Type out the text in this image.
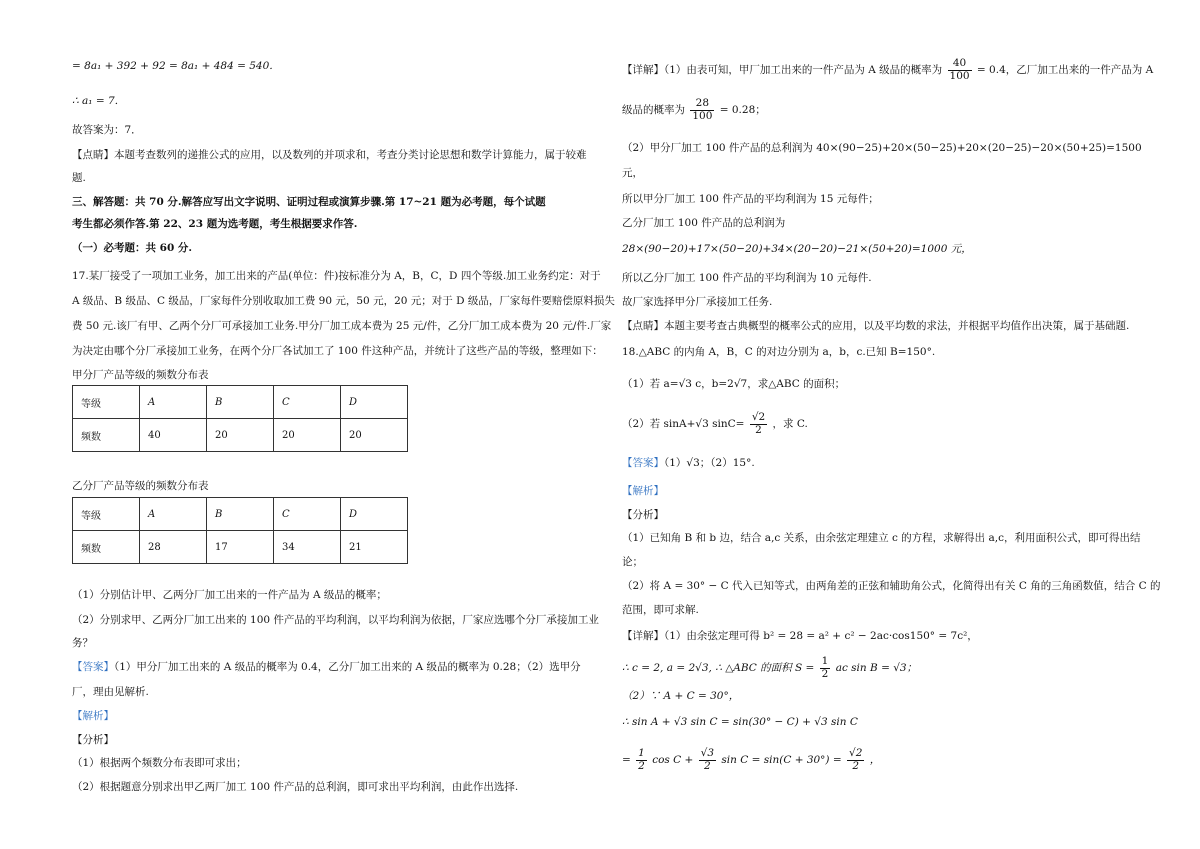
= 8a₁ + 392 + 92 = 8a₁ + 484 = 540．
∴ a₁ = 7．
故答案为：7．
【点睛】本题考查数列的递推公式的应用，以及数列的并项求和，考查分类讨论思想和数学计算能力，属于较难
题.
三、解答题：共 70 分.解答应写出文字说明、证明过程或演算步骤.第 17~21 题为必考题，每个试题
考生都必须作答.第 22、23 题为选考题，考生根据要求作答.
（一）必考题：共 60 分.
17.某厂接受了一项加工业务，加工出来的产品(单位：件)按标准分为 A，B，C，D 四个等级.加工业务约定：对于
A 级品、B 级品、C 级品，厂家每件分别收取加工费 90 元，50 元，20 元；对于 D 级品，厂家每件要赔偿原料损失
费 50 元.该厂有甲、乙两个分厂可承接加工业务.甲分厂加工成本费为 25 元/件，乙分厂加工成本费为 20 元/件.厂家
为决定由哪个分厂承接加工业务，在两个分厂各试加工了 100 件这种产品，并统计了这些产品的等级，整理如下：
甲分厂产品等级的频数分布表
等级	A	B	C	D
频数	40	20	20	20
乙分厂产品等级的频数分布表
等级	A	B	C	D
频数	28	17	34	21
（1）分别估计甲、乙两分厂加工出来的一件产品为 A 级品的概率；
（2）分别求甲、乙两分厂加工出来的 100 件产品的平均利润，以平均利润为依据，厂家应选哪个分厂承接加工业
务？
【答案】（1）甲分厂加工出来的 A 级品的概率为 0.4，乙分厂加工出来的 A 级品的概率为 0.28；（2）选甲分
厂，理由见解析.
【解析】
【分析】
（1）根据两个频数分布表即可求出；
（2）根据题意分别求出甲乙两厂加工 100 件产品的总利润，即可求出平均利润，由此作出选择.
【详解】（1）由表可知，甲厂加工出来的一件产品为 A 级品的概率为 $\frac{40}{100} = 0.4$，乙厂加工出来的一件产品为 A
级品的概率为 $\frac{28}{100} = 0.28$；
（2）甲分厂加工 100 件产品的总利润为 40×(90−25)+20×(50−25)+20×(20−25)−20×(50+25)=1500
元，
所以甲分厂加工 100 件产品的平均利润为 15 元每件；
乙分厂加工 100 件产品的总利润为
28×(90−20)+17×(50−20)+34×(20−20)−21×(50+20)=1000 元，
所以乙分厂加工 100 件产品的平均利润为 10 元每件.
故厂家选择甲分厂承接加工任务.
【点睛】本题主要考查古典概型的概率公式的应用，以及平均数的求法，并根据平均值作出决策，属于基础题.
18.△ABC 的内角 A，B，C 的对边分别为 a，b，c.已知 B=150°.
（1）若 a=√3 c，b=2√7，求△ABC 的面积；
（2）若 sinA+√3 $\sin C= \frac{√2}{2}$ ，求 C.
【答案】（1）√3；（2）15°.
【解析】
【分析】
（1）已知角 B 和 b 边，结合 a,c 关系，由余弦定理建立 c 的方程，求解得出 a,c，利用面积公式，即可得出结
论；
（2）将 A = 30° − C 代入已知等式，由两角差的正弦和辅助角公式，化简得出有关 C 角的三角函数值，结合 C 的
范围，即可求解.
【详解】（1）由余弦定理可得 b² = 28 = a² + c² − 2ac·cos150° = 7c²，
∴ c = 2, a = 2√3, ∴ △ABC 的面积 $S = \frac{1}{2}$ ac sin B = √3；
（2）∵ A + C = 30°，
∴ sin A + √3 sin C = sin(30° − C) + √3 sin C
= $\frac{1}{2}$ $\cos C + \frac{√3}{2}$ $\sin C = \sin(C + 30^\circ) = \frac{√2}{2}$ ，
